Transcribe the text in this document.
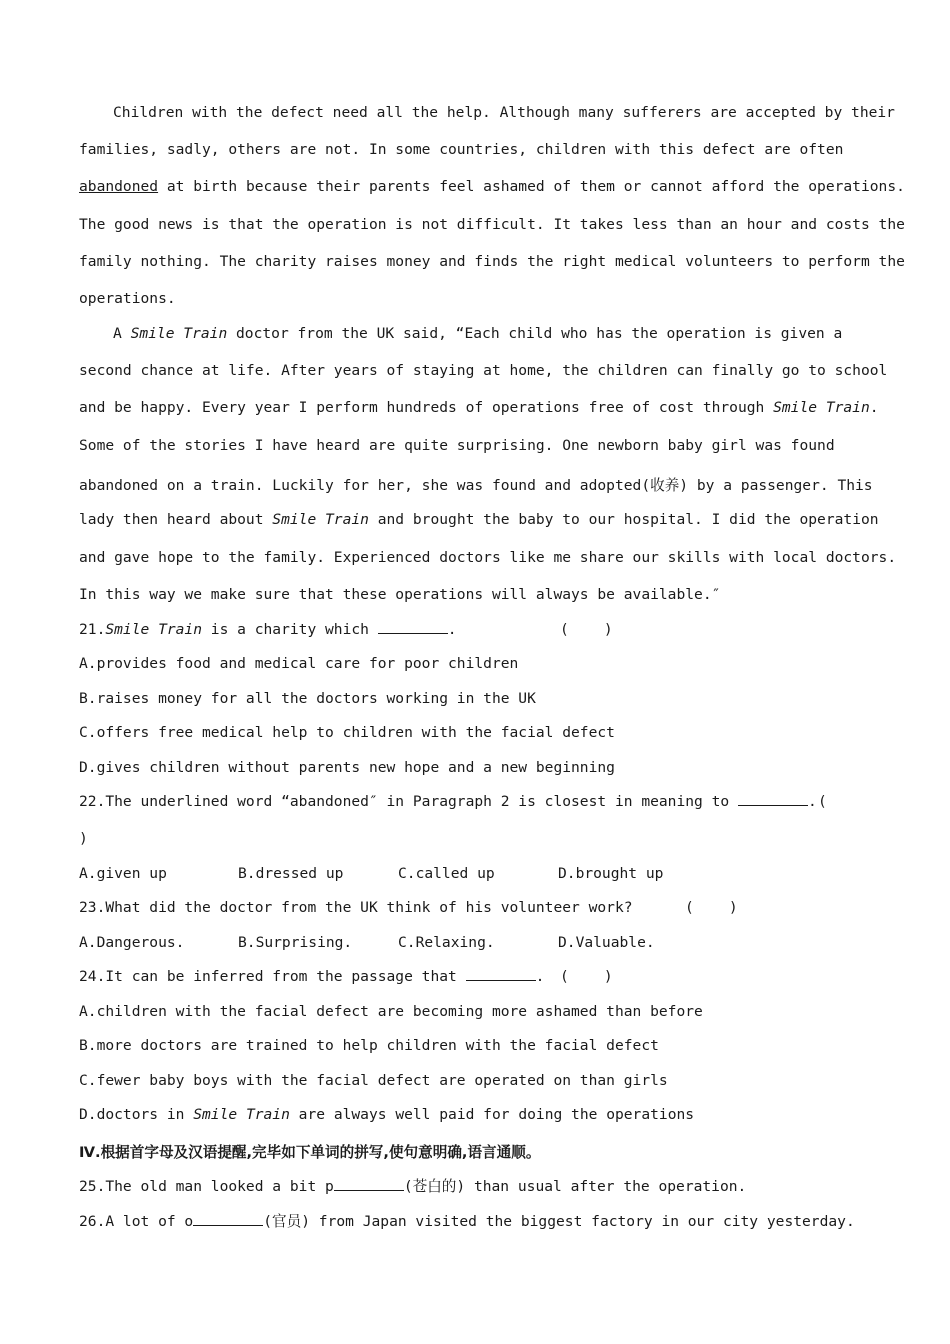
Children with the defect need all the help. Although many sufferers are accepted by their
families, sadly, others are not. In some countries, children with this defect are often
abandoned at birth because their parents feel ashamed of them or cannot afford the operations.
The good news is that the operation is not difficult. It takes less than an hour and costs the
family nothing. The charity raises money and finds the right medical volunteers to perform the
operations.
A Smile Train doctor from the UK said, “Each child who has the operation is given a
second chance at life. After years of staying at home, the children can finally go to school
and be happy. Every year I perform hundreds of operations free of cost through Smile Train.
Some of the stories I have heard are quite surprising. One newborn baby girl was found
abandoned on a train. Luckily for her, she was found and adopted(收养) by a passenger. This
lady then heard about Smile Train and brought the baby to our hospital. I did the operation
and gave hope to the family. Experienced doctors like me share our skills with local doctors.
In this way we make sure that these operations will always be available.″
21.Smile Train is a charity which	.	(    )
A.provides food and medical care for poor children
B.raises money for all the doctors working in the UK
C.offers free medical help to children with the facial defect
D.gives children without parents new hope and a new beginning
22.The underlined word “abandoned″ in Paragraph 2 is closest in meaning to	. (
)
A.given up	B.dressed up	C.called up	D.brought up
23.What did the doctor from the UK think of his volunteer work?	(    )
A.Dangerous.	B.Surprising.	C.Relaxing.	D.Valuable.
24.It can be inferred from the passage that	. (    )
A.children with the facial defect are becoming more ashamed than before
B.more doctors are trained to help children with the facial defect
C.fewer baby boys with the facial defect are operated on than girls
D.doctors in Smile Train are always well paid for doing the operations
Ⅳ.根据首字母及汉语提醒,完毕如下单词的拼写,使句意明确,语言通顺。
25.The old man looked a bit p	(苍白的) than usual after the operation.
26.A lot of o	(官员) from Japan visited the biggest factory in our city yesterday.
